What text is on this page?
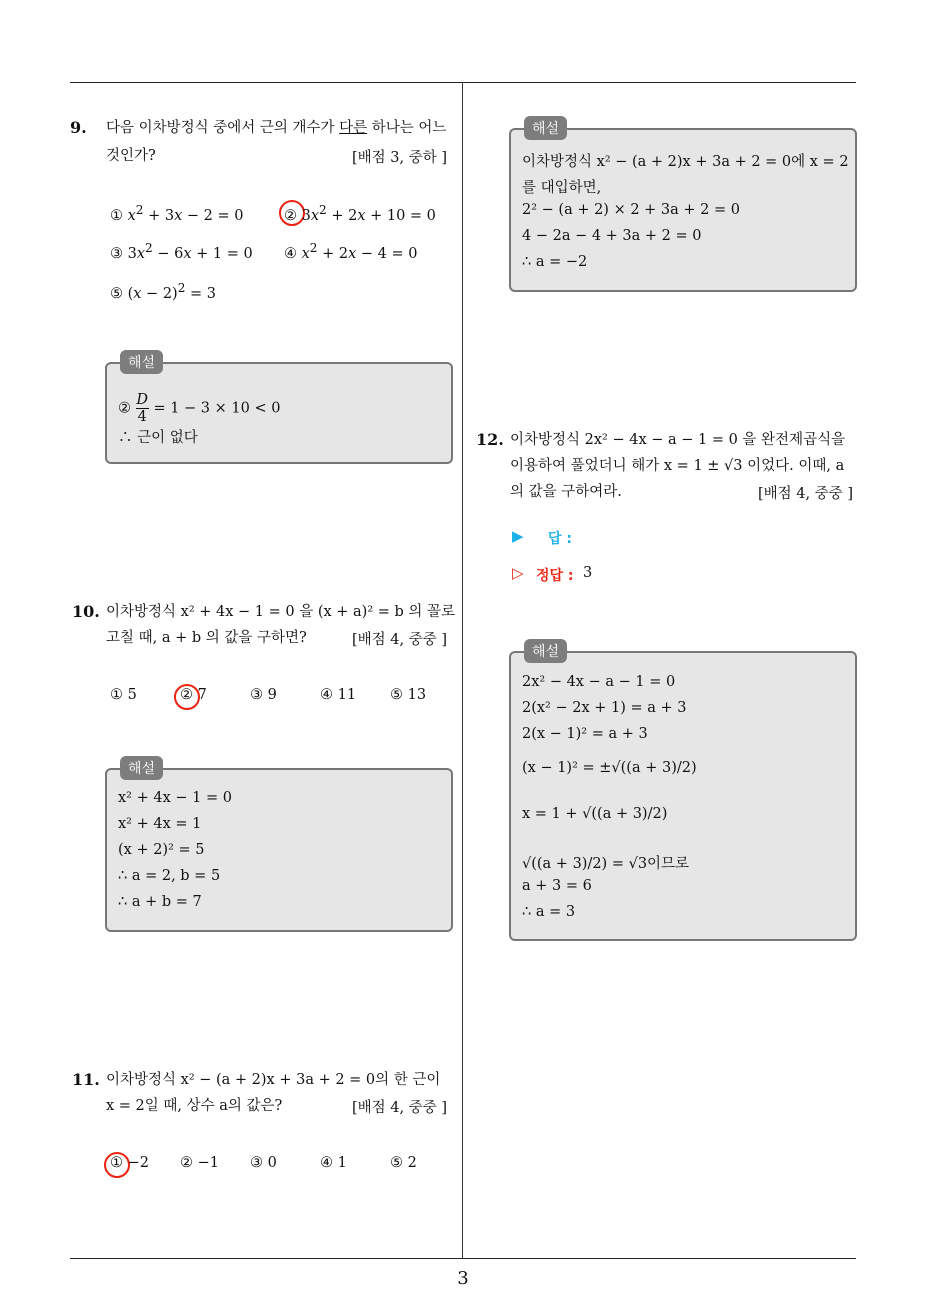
9. 다음 이차방정식 중에서 근의 개수가 다른 하나는 어느
것인가?	[배점 3, 중하 ]
① $x^2 + 3x - 2 = 0$	② $3x^2 + 2x + 10 = 0$
③ $3x^2 - 6x + 1 = 0$ ④ $x^2 + 2x - 4 = 0$
⑤ $(x - 2)^2 = 3$
해설
② $\frac{D}{4} = 1 - 3 \times 10 < 0$
∴ 근이 없다
10. 이차방정식 x² + 4x − 1 = 0 을 (x + a)² = b 의 꼴로
고칠 때, a + b 의 값을 구하면?	[배점 4, 중중 ]
① 5	② 7	③ 9	④ 11 ⑤ 13
해설
x² + 4x − 1 = 0
x² + 4x = 1
(x + 2)² = 5
∴ a = 2, b = 5
∴ a + b = 7
11. 이차방정식 x² − (a + 2)x + 3a + 2 = 0의 한 근이
x = 2일 때, 상수 a의 값은?	[배점 4, 중중 ]
① −2 ② −1 ③ 0	④ 1	⑤ 2
해설
이차방정식 x² − (a + 2)x + 3a + 2 = 0에 x = 2
를 대입하면,
2² − (a + 2) × 2 + 3a + 2 = 0
4 − 2a − 4 + 3a + 2 = 0
∴ a = −2
12. 이차방정식 2x² − 4x − a − 1 = 0 을 완전제곱식을
이용하여 풀었더니 해가 x = 1 ± √3 이었다. 이때, a
의 값을 구하여라.	[배점 4, 중중 ]
▶ 답 :
▷ 정답 : 3
해설
2x² − 4x − a − 1 = 0
2(x² − 2x + 1) = a + 3
2(x − 1)² = a + 3
(x − 1)² = ±√((a + 3)/2)
x = 1 + √((a + 3)/2)
√((a + 3)/2) = √3이므로
a + 3 = 6
∴ a = 3
3
